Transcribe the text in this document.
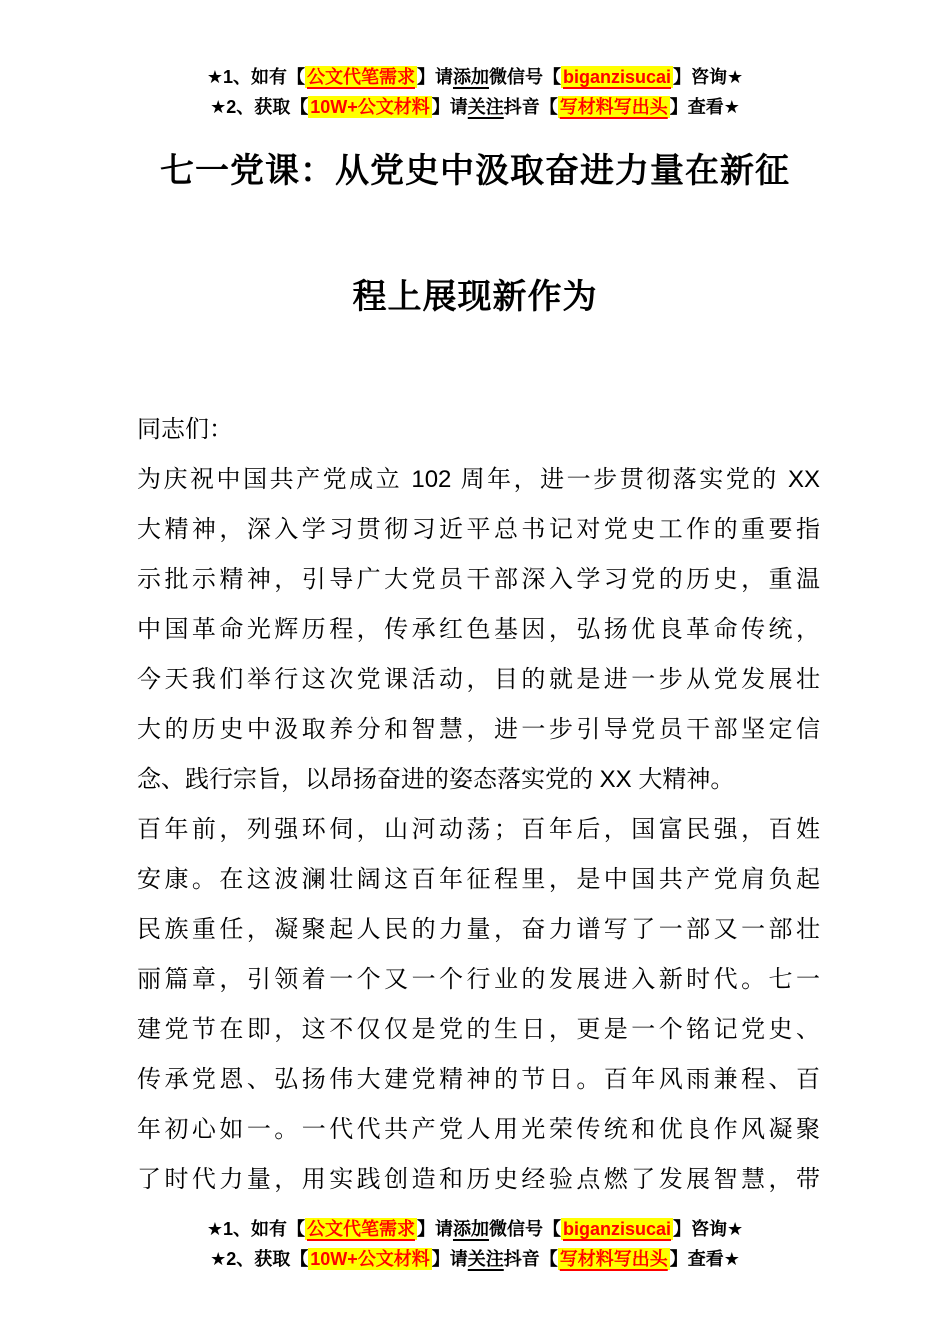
★1、如有【 公文代笔需求 】请添加微信号【 biganzisucai 】咨询★
★2、获取【 10W+公文材料 】请关注抖音【 写材料写出头 】查看★
七一党课：从党史中汲取奋进力量在新征
程上展现新作为
同志们：
为庆祝中国共产党成立 102 周年，进一步贯彻落实党的 XX
大精神，深入学习贯彻习近平总书记对党史工作的重要指
示批示精神，引导广大党员干部深入学习党的历史，重温
中国革命光辉历程，传承红色基因，弘扬优良革命传统，
今天我们举行这次党课活动，目的就是进一步从党发展壮
大的历史中汲取养分和智慧，进一步引导党员干部坚定信
念、践行宗旨，以昂扬奋进的姿态落实党的 XX 大精神。
百年前，列强环伺，山河动荡；百年后，国富民强，百姓
安康。在这波澜壮阔这百年征程里，是中国共产党肩负起
民族重任，凝聚起人民的力量，奋力谱写了一部又一部壮
丽篇章，引领着一个又一个行业的发展进入新时代。七一
建党节在即，这不仅仅是党的生日，更是一个铭记党史、
传承党恩、弘扬伟大建党精神的节日。百年风雨兼程、百
年初心如一。一代代共产党人用光荣传统和优良作风凝聚
了时代力量，用实践创造和历史经验点燃了发展智慧，带
★1、如有【 公文代笔需求 】请添加微信号【 biganzisucai 】咨询★
★2、获取【 10W+公文材料 】请关注抖音【 写材料写出头 】查看★
